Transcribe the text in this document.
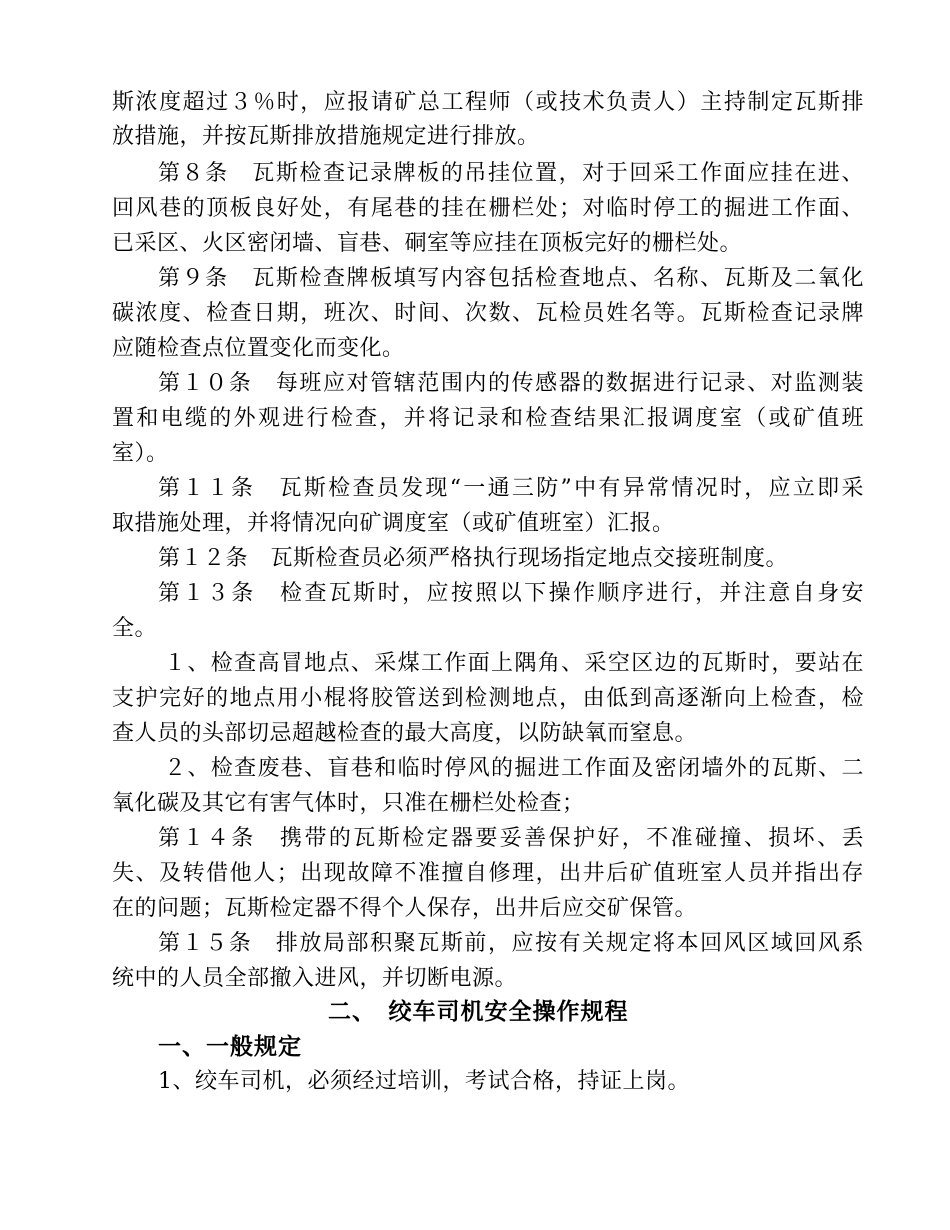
斯浓度超过３％时，应报请矿总工程师（或技术负责人）主持制定瓦斯排
放措施，并按瓦斯排放措施规定进行排放。
第８条　瓦斯检查记录牌板的吊挂位置，对于回采工作面应挂在进、
回风巷的顶板良好处，有尾巷的挂在栅栏处；对临时停工的掘进工作面、
已采区、火区密闭墙、盲巷、硐室等应挂在顶板完好的栅栏处。
第９条　瓦斯检查牌板填写内容包括检查地点、名称、瓦斯及二氧化
碳浓度、检查日期，班次、时间、次数、瓦检员姓名等。瓦斯检查记录牌
应随检查点位置变化而变化。
第１０条　每班应对管辖范围内的传感器的数据进行记录、对监测装
置和电缆的外观进行检查，并将记录和检查结果汇报调度室（或矿值班
室）。
第１１条　瓦斯检查员发现“一通三防”中有异常情况时，应立即采
取措施处理，并将情况向矿调度室（或矿值班室）汇报。
第１２条　瓦斯检查员必须严格执行现场指定地点交接班制度。
第１３条　检查瓦斯时，应按照以下操作顺序进行，并注意自身安
全。
１、检查高冒地点、采煤工作面上隅角、采空区边的瓦斯时，要站在
支护完好的地点用小棍将胶管送到检测地点，由低到高逐渐向上检查，检
查人员的头部切忌超越检查的最大高度，以防缺氧而窒息。
２、检查废巷、盲巷和临时停风的掘进工作面及密闭墙外的瓦斯、二
氧化碳及其它有害气体时，只准在栅栏处检查；
第１４条　携带的瓦斯检定器要妥善保护好，不准碰撞、损坏、丢
失、及转借他人；出现故障不准擅自修理，出井后矿值班室人员并指出存
在的问题；瓦斯检定器不得个人保存，出井后应交矿保管。
第１５条　排放局部积聚瓦斯前，应按有关规定将本回风区域回风系
统中的人员全部撤入进风，并切断电源。
二、　绞车司机安全操作规程
一、一般规定
1、绞车司机，必须经过培训，考试合格，持证上岗。
